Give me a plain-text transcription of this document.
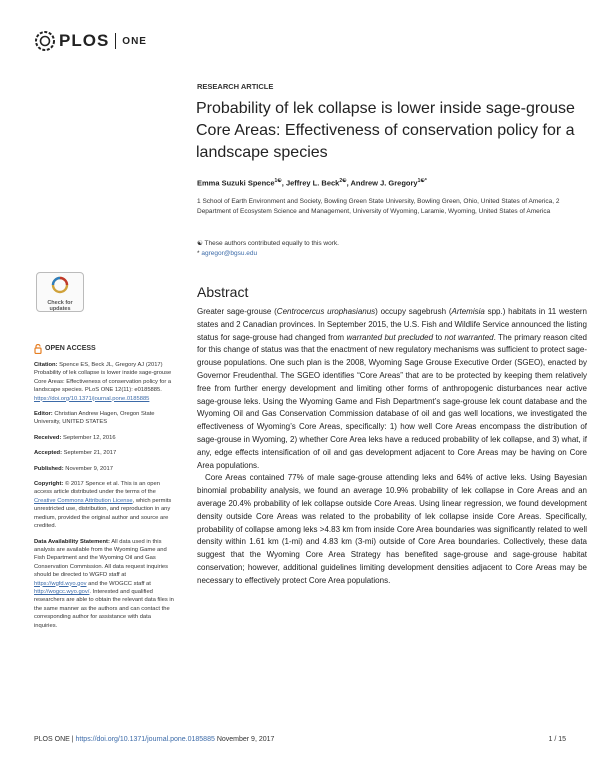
PLOS ONE
RESEARCH ARTICLE
Probability of lek collapse is lower inside sage-grouse Core Areas: Effectiveness of conservation policy for a landscape species
Emma Suzuki Spence$^{1☯}$, Jeffrey L. Beck$^{2☯}$, Andrew J. Gregory$^{1☯*}$
1 School of Earth Environment and Society, Bowling Green State University, Bowling Green, Ohio, United States of America, 2 Department of Ecosystem Science and Management, University of Wyoming, Laramie, Wyoming, United States of America
☯ These authors contributed equally to this work.
* agregor@bgsu.edu
Check for
updates
OPEN ACCESS
Citation: Spence ES, Beck JL, Gregory AJ (2017) Probability of lek collapse is lower inside sage-grouse Core Areas: Effectiveness of conservation policy for a landscape species. PLoS ONE 12(11): e0185885. https://doi.org/10.1371/journal.pone.0185885
Editor: Christian Andrew Hagen, Oregon State University, UNITED STATES
Received: September 12, 2016
Accepted: September 21, 2017
Published: November 9, 2017
Copyright: © 2017 Spence et al. This is an open access article distributed under the terms of the Creative Commons Attribution License, which permits unrestricted use, distribution, and reproduction in any medium, provided the original author and source are credited.
Data Availability Statement: All data used in this analysis are available from the Wyoming Game and Fish Department and the Wyoming Oil and Gas Conservation Commission. All data request inquiries should be directed to WGFD staff at https://wgfd.wyo.gov and the WOGCC staff at http://wogcc.wyo.gov/. Interested and qualified researchers are able to obtain the relevant data files in the same manner as the authors and can contact the corresponding author for assistance with data inquiries.
Abstract

Greater sage-grouse (Centrocercus urophasianus) occupy sagebrush (Artemisia spp.) habitats in 11 western states and 2 Canadian provinces. In September 2015, the U.S. Fish and Wildlife Service announced the listing status for sage-grouse had changed from warranted but precluded to not warranted. The primary reason cited for this change of status was that the enactment of new regulatory mechanisms was sufficient to protect sage-grouse populations. One such plan is the 2008, Wyoming Sage Grouse Executive Order (SGEO), enacted by Governor Freudenthal. The SGEO identifies “Core Areas” that are to be protected by keeping them relatively free from further energy development and limiting other forms of anthropogenic disturbances near active sage-grouse leks. Using the Wyoming Game and Fish Department’s sage-grouse lek count database and the Wyoming Oil and Gas Conservation Commission database of oil and gas well locations, we investigated the effectiveness of Wyoming’s Core Areas, specifically: 1) how well Core Areas encompass the distribution of sage-grouse in Wyoming, 2) whether Core Area leks have a reduced probability of lek collapse, and 3) what, if any, edge effects intensification of oil and gas development adjacent to Core Areas may be having on Core Area populations.

Core Areas contained 77% of male sage-grouse attending leks and 64% of active leks. Using Bayesian binomial probability analysis, we found an average 10.9% probability of lek collapse in Core Areas and an average 20.4% probability of lek collapse outside Core Areas. Using linear regression, we found development density outside Core Areas was related to the probability of lek collapse inside Core Areas. Specifically, probability of collapse among leks >4.83 km from inside Core Area boundaries was significantly related to well density within 1.61 km (1-mi) and 4.83 km (3-mi) outside of Core Area boundaries. Collectively, these data suggest that the Wyoming Core Area Strategy has benefited sage-grouse and sage-grouse habitat conservation; however, additional guidelines limiting development densities adjacent to Core Areas may be necessary to effectively protect Core Area populations.

PLOS ONE | https://doi.org/10.1371/journal.pone.0185885 November 9, 2017	1 / 15
